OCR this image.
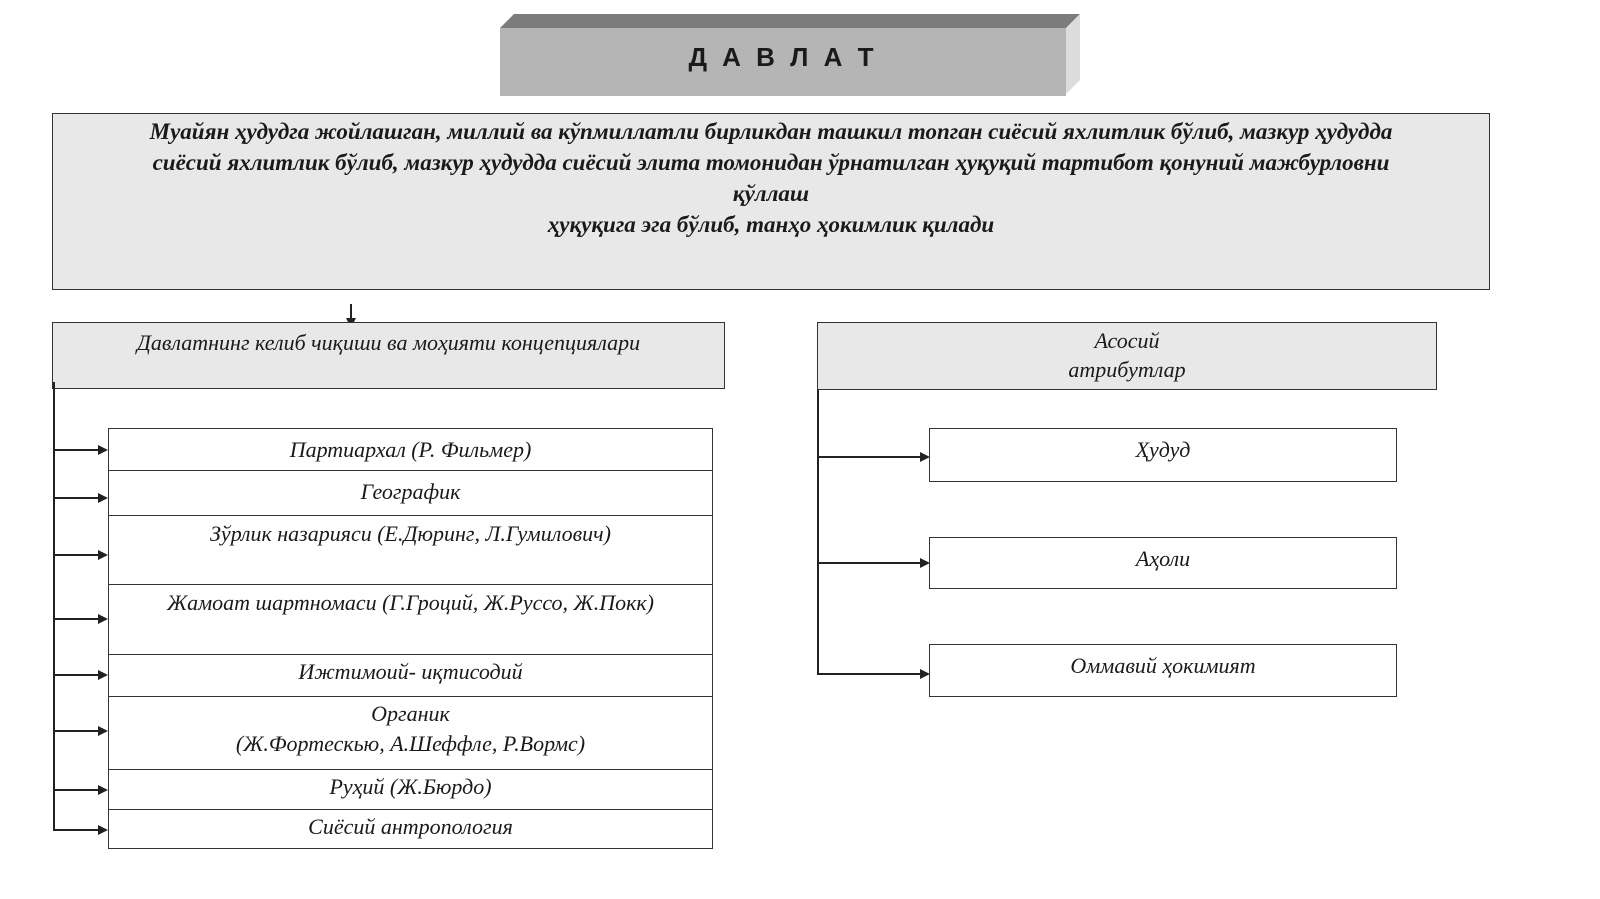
Д А В Л А Т
Муайян ҳудудга жойлашган, миллий ва кўпмиллатли бирликдан ташкил топган сиёсий яхлитлик бўлиб, мазкур ҳудудда
сиёсий яхлитлик бўлиб, мазкур ҳудудда сиёсий элита томонидан ўрнатилган ҳуқуқий тартибот қонуний мажбурловни
қўллаш
ҳуқуқига эга бўлиб, танҳо ҳокимлик қилади
Давлатнинг келиб чиқиши ва моҳияти концепциялари
Партиархал (Р. Фильмер)
Географик
Зўрлик назарияси (Е.Дюринг, Л.Гумилович)
Жамоат шартномаси (Г.Гроций, Ж.Руссо, Ж.Покк)
Ижтимоий- иқтисодий
Органик
(Ж.Фортескью, А.Шеффле, Р.Вормс)
Руҳий (Ж.Бюрдо)
Сиёсий антропология
Асосий
атрибутлар
Ҳудуд
Аҳоли
Оммавий ҳокимият
